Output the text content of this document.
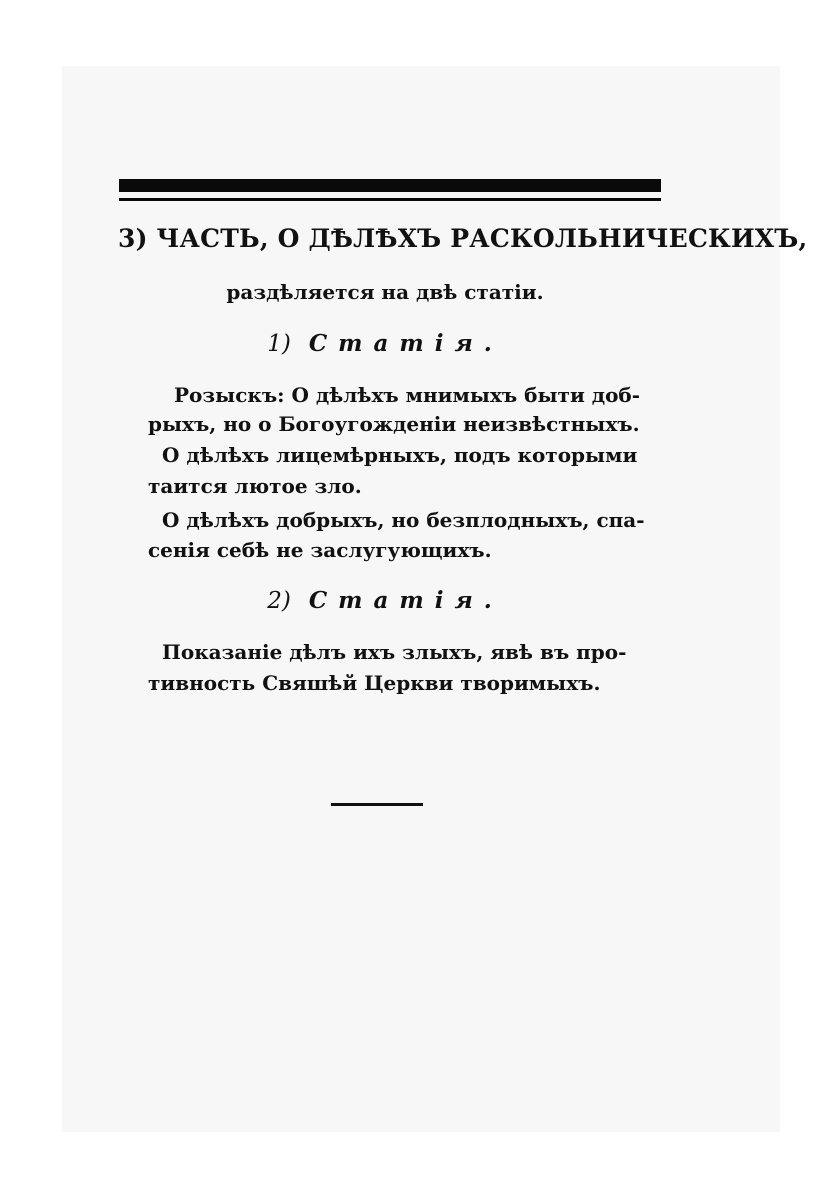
3) ЧАСТЬ, О ДѢЛѢХЪ РАСКОЛЬНИЧЕСКИХЪ,
раздѣляется на двѣ статіи.
1) Статія.
Розыскъ: О дѣлѣхъ мнимыхъ быти доб-
рыхъ, но о Богоугожденіи неизвѣстныхъ.
О дѣлѣхъ лицемѣрныхъ, подъ которыми
таится лютое зло.
О дѣлѣхъ добрыхъ, но безплодныхъ, спа-
сенія себѣ не заслугующихъ.
2) Статія.
Показаніе дѣлъ ихъ злыхъ, явѣ въ про-
тивность Свяшѣй Церкви творимыхъ.
